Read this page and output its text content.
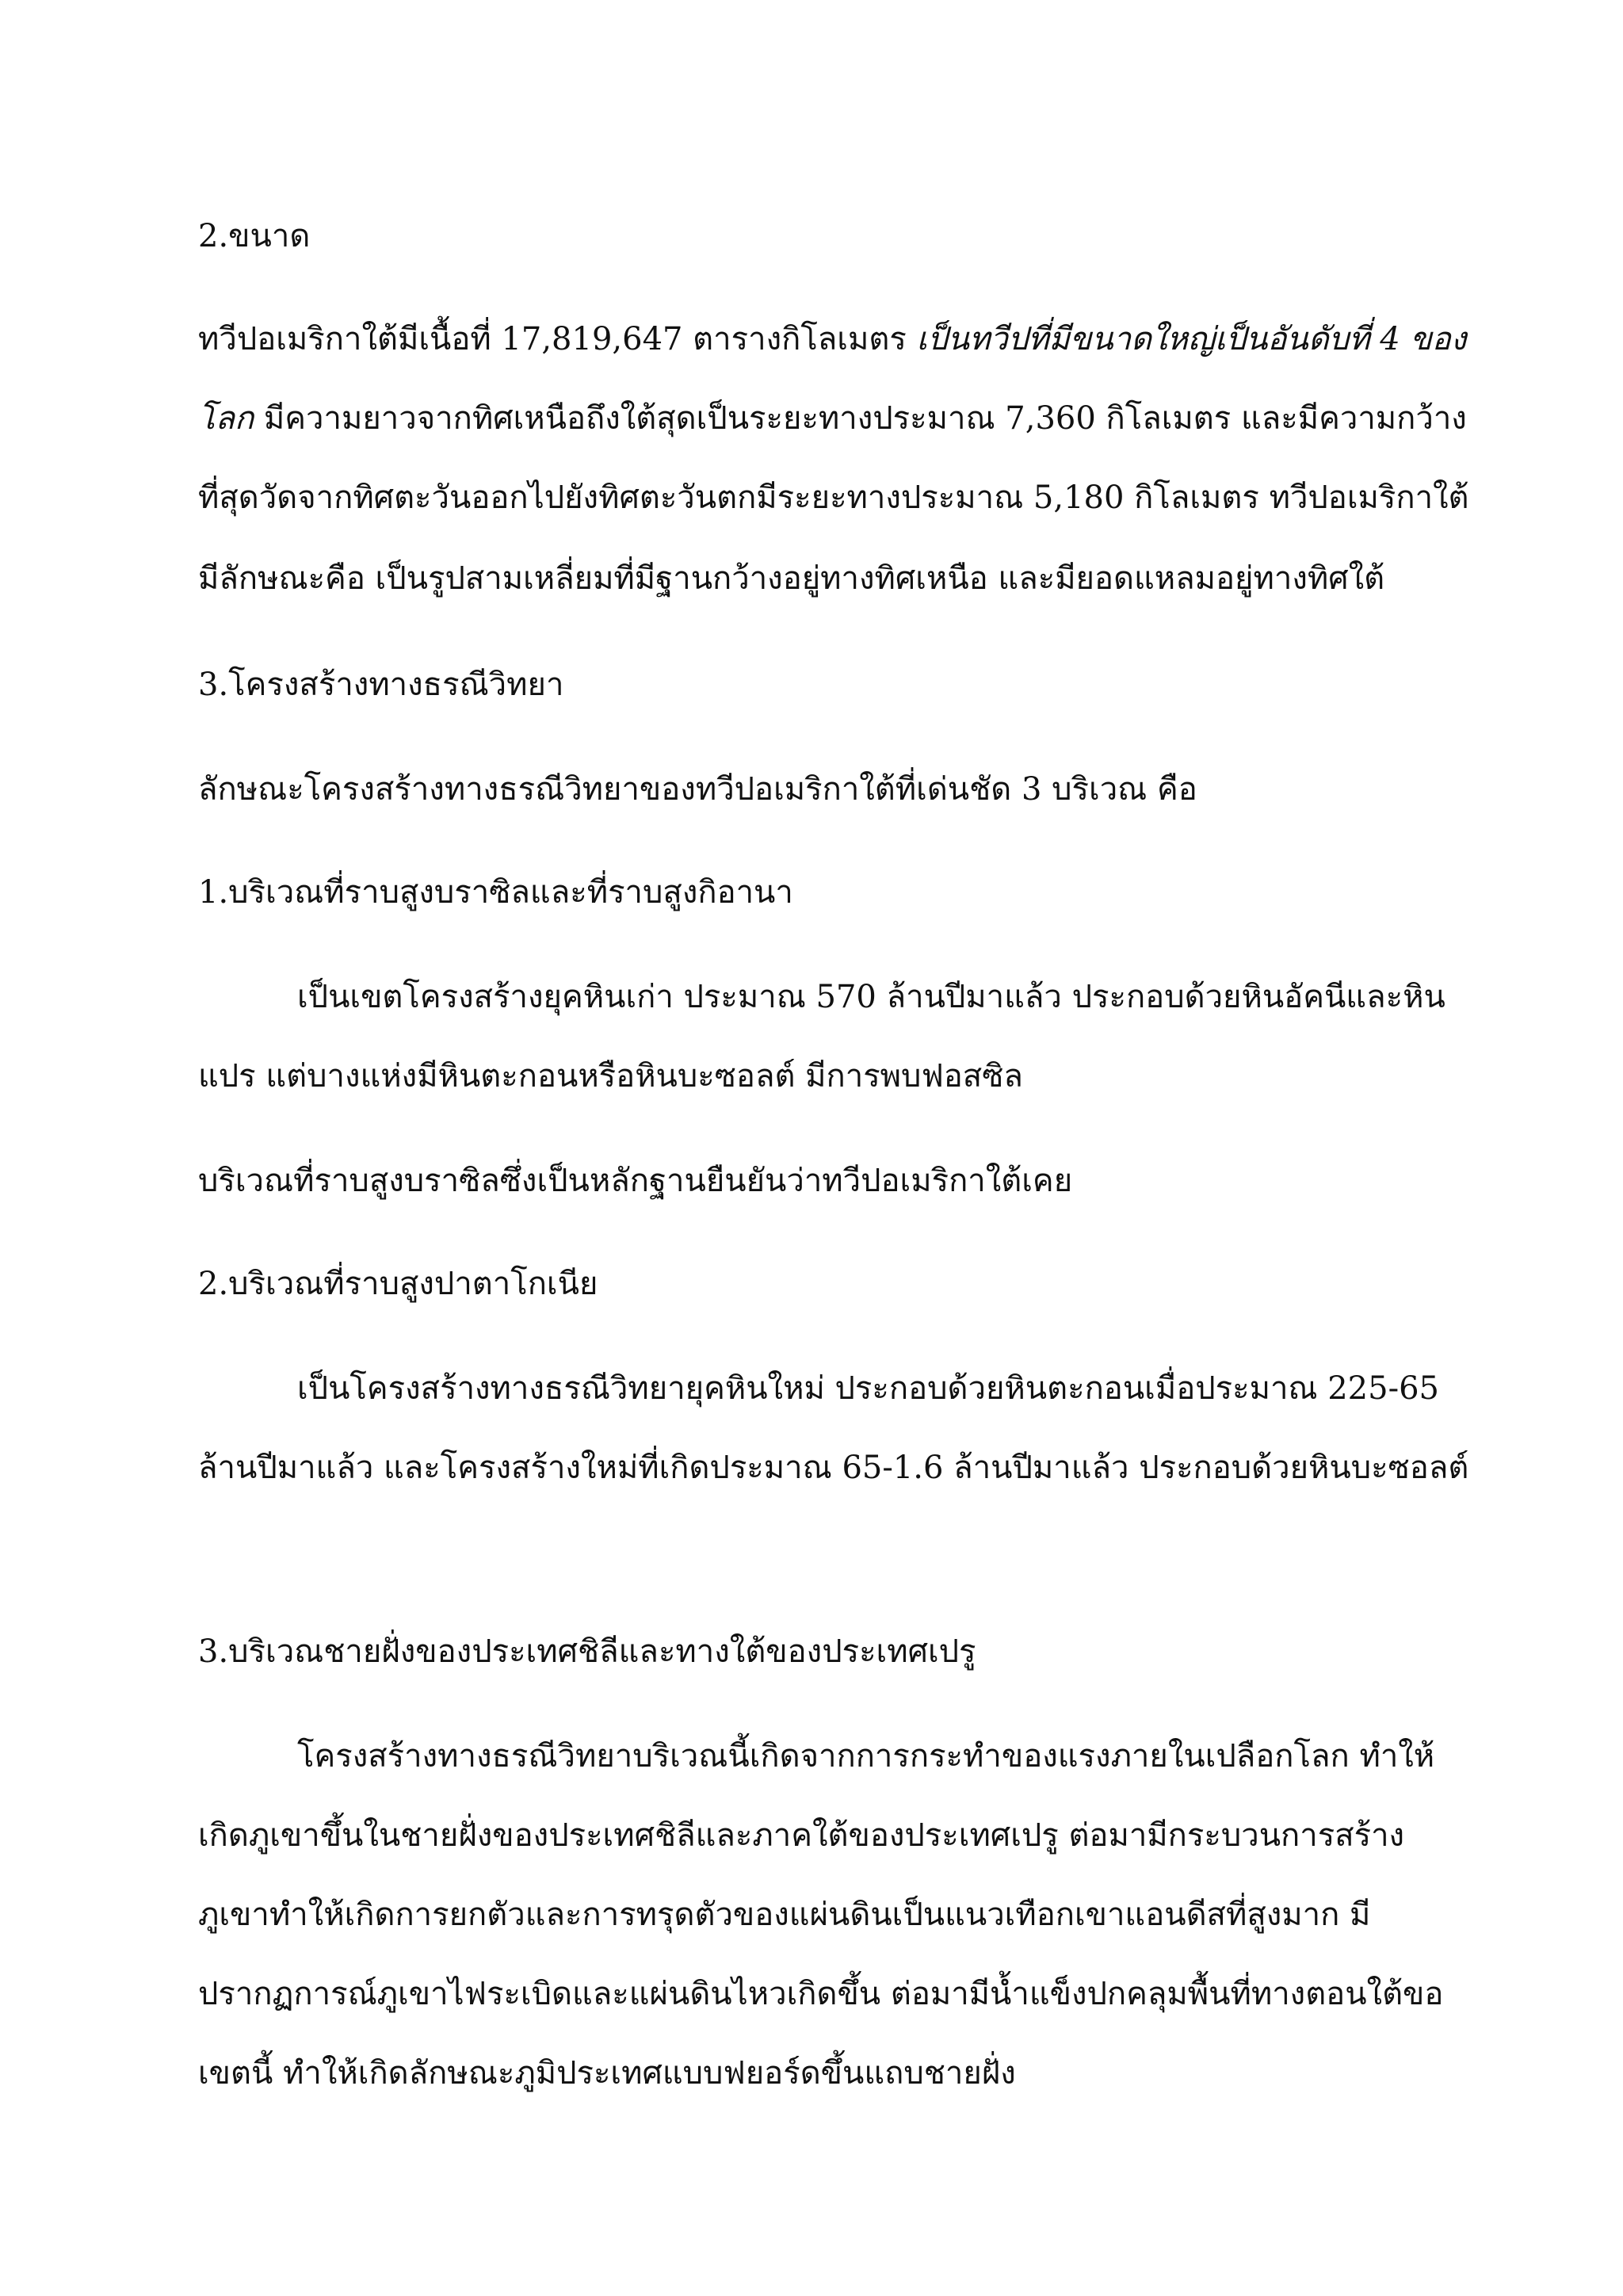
2.ขนาด

ทวีปอเมริกาใต้มีเนื้อที่ 17,819,647 ตารางกิโลเมตร เป็นทวีปที่มีขนาดใหญ่เป็นอันดับที่ 4 ของ

โลก มีความยาวจากทิศเหนือถึงใต้สุดเป็นระยะทางประมาณ 7,360 กิโลเมตร และมีความกว้าง

ที่สุดวัดจากทิศตะวันออกไปยังทิศตะวันตกมีระยะทางประมาณ 5,180 กิโลเมตร ทวีปอเมริกาใต้

มีลักษณะคือ เป็นรูปสามเหลี่ยมที่มีฐานกว้างอยู่ทางทิศเหนือ และมียอดแหลมอยู่ทางทิศใต้

3.โครงสร้างทางธรณีวิทยา

ลักษณะโครงสร้างทางธรณีวิทยาของทวีปอเมริกาใต้ที่เด่นชัด 3 บริเวณ คือ

1.บริเวณที่ราบสูงบราซิลและที่ราบสูงกิอานา

เป็นเขตโครงสร้างยุคหินเก่า ประมาณ 570 ล้านปีมาแล้ว ประกอบด้วยหินอัคนีและหิน

แปร แต่บางแห่งมีหินตะกอนหรือหินบะซอลต์ มีการพบฟอสซิล

บริเวณที่ราบสูงบราซิลซึ่งเป็นหลักฐานยืนยันว่าทวีปอเมริกาใต้เคย

2.บริเวณที่ราบสูงปาตาโกเนีย

เป็นโครงสร้างทางธรณีวิทยายุคหินใหม่ ประกอบด้วยหินตะกอนเมื่อประมาณ 225-65

ล้านปีมาแล้ว และโครงสร้างใหม่ที่เกิดประมาณ 65-1.6 ล้านปีมาแล้ว ประกอบด้วยหินบะซอลต์

3.บริเวณชายฝั่งของประเทศชิลีและทางใต้ของประเทศเปรู

โครงสร้างทางธรณีวิทยาบริเวณนี้เกิดจากการกระทำของแรงภายในเปลือกโลก ทำให้

เกิดภูเขาขึ้นในชายฝั่งของประเทศชิลีและภาคใต้ของประเทศเปรู ต่อมามีกระบวนการสร้าง

ภูเขาทำให้เกิดการยกตัวและการทรุดตัวของแผ่นดินเป็นแนวเทือกเขาแอนดีสที่สูงมาก มี

ปรากฏการณ์ภูเขาไฟระเบิดและแผ่นดินไหวเกิดขึ้น ต่อมามีน้ำแข็งปกคลุมพื้นที่ทางตอนใต้ขอ

เขตนี้ ทำให้เกิดลักษณะภูมิประเทศแบบฟยอร์ดขึ้นแถบชายฝั่ง
